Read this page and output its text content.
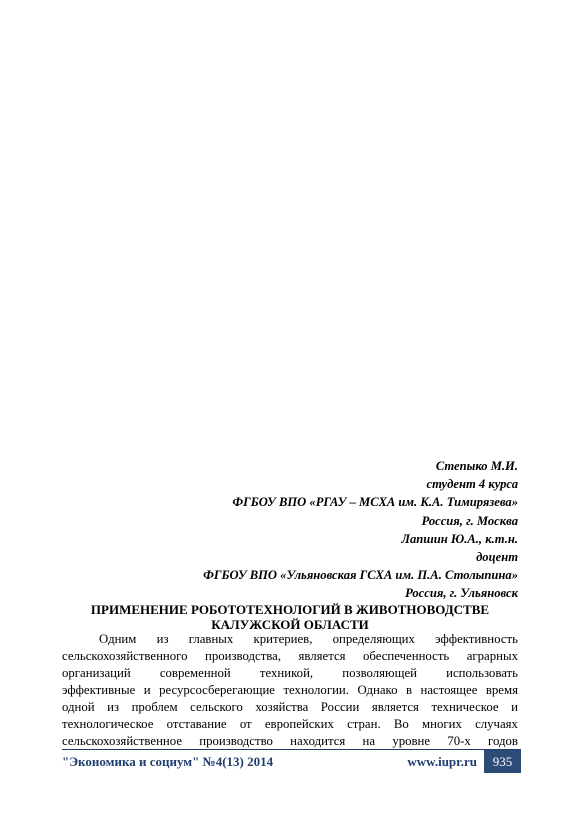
Степыко М.И.
студент 4 курса
ФГБОУ ВПО «РГАУ – МСХА им. К.А. Тимирязева»
Россия, г. Москва
Лапшин Ю.А., к.т.н.
доцент
ФГБОУ ВПО «Ульяновская ГСХА им. П.А. Столыпина»
Россия, г. Ульяновск
ПРИМЕНЕНИЕ РОБОТОТЕХНОЛОГИЙ В ЖИВОТНОВОДСТВЕ
КАЛУЖСКОЙ ОБЛАСТИ
Одним из главных критериев, определяющих эффективность
сельскохозяйственного производства, является обеспеченность аграрных
организаций современной техникой, позволяющей использовать
эффективные и ресурсосберегающие технологии. Однако в настоящее время
одной из проблем сельского хозяйства России является техническое и
технологическое отставание от европейских стран. Во многих случаях
сельскохозяйственное производство находится на уровне 70-х годов
"Экономика и социум" №4(13) 2014	www.iupr.ru	935
